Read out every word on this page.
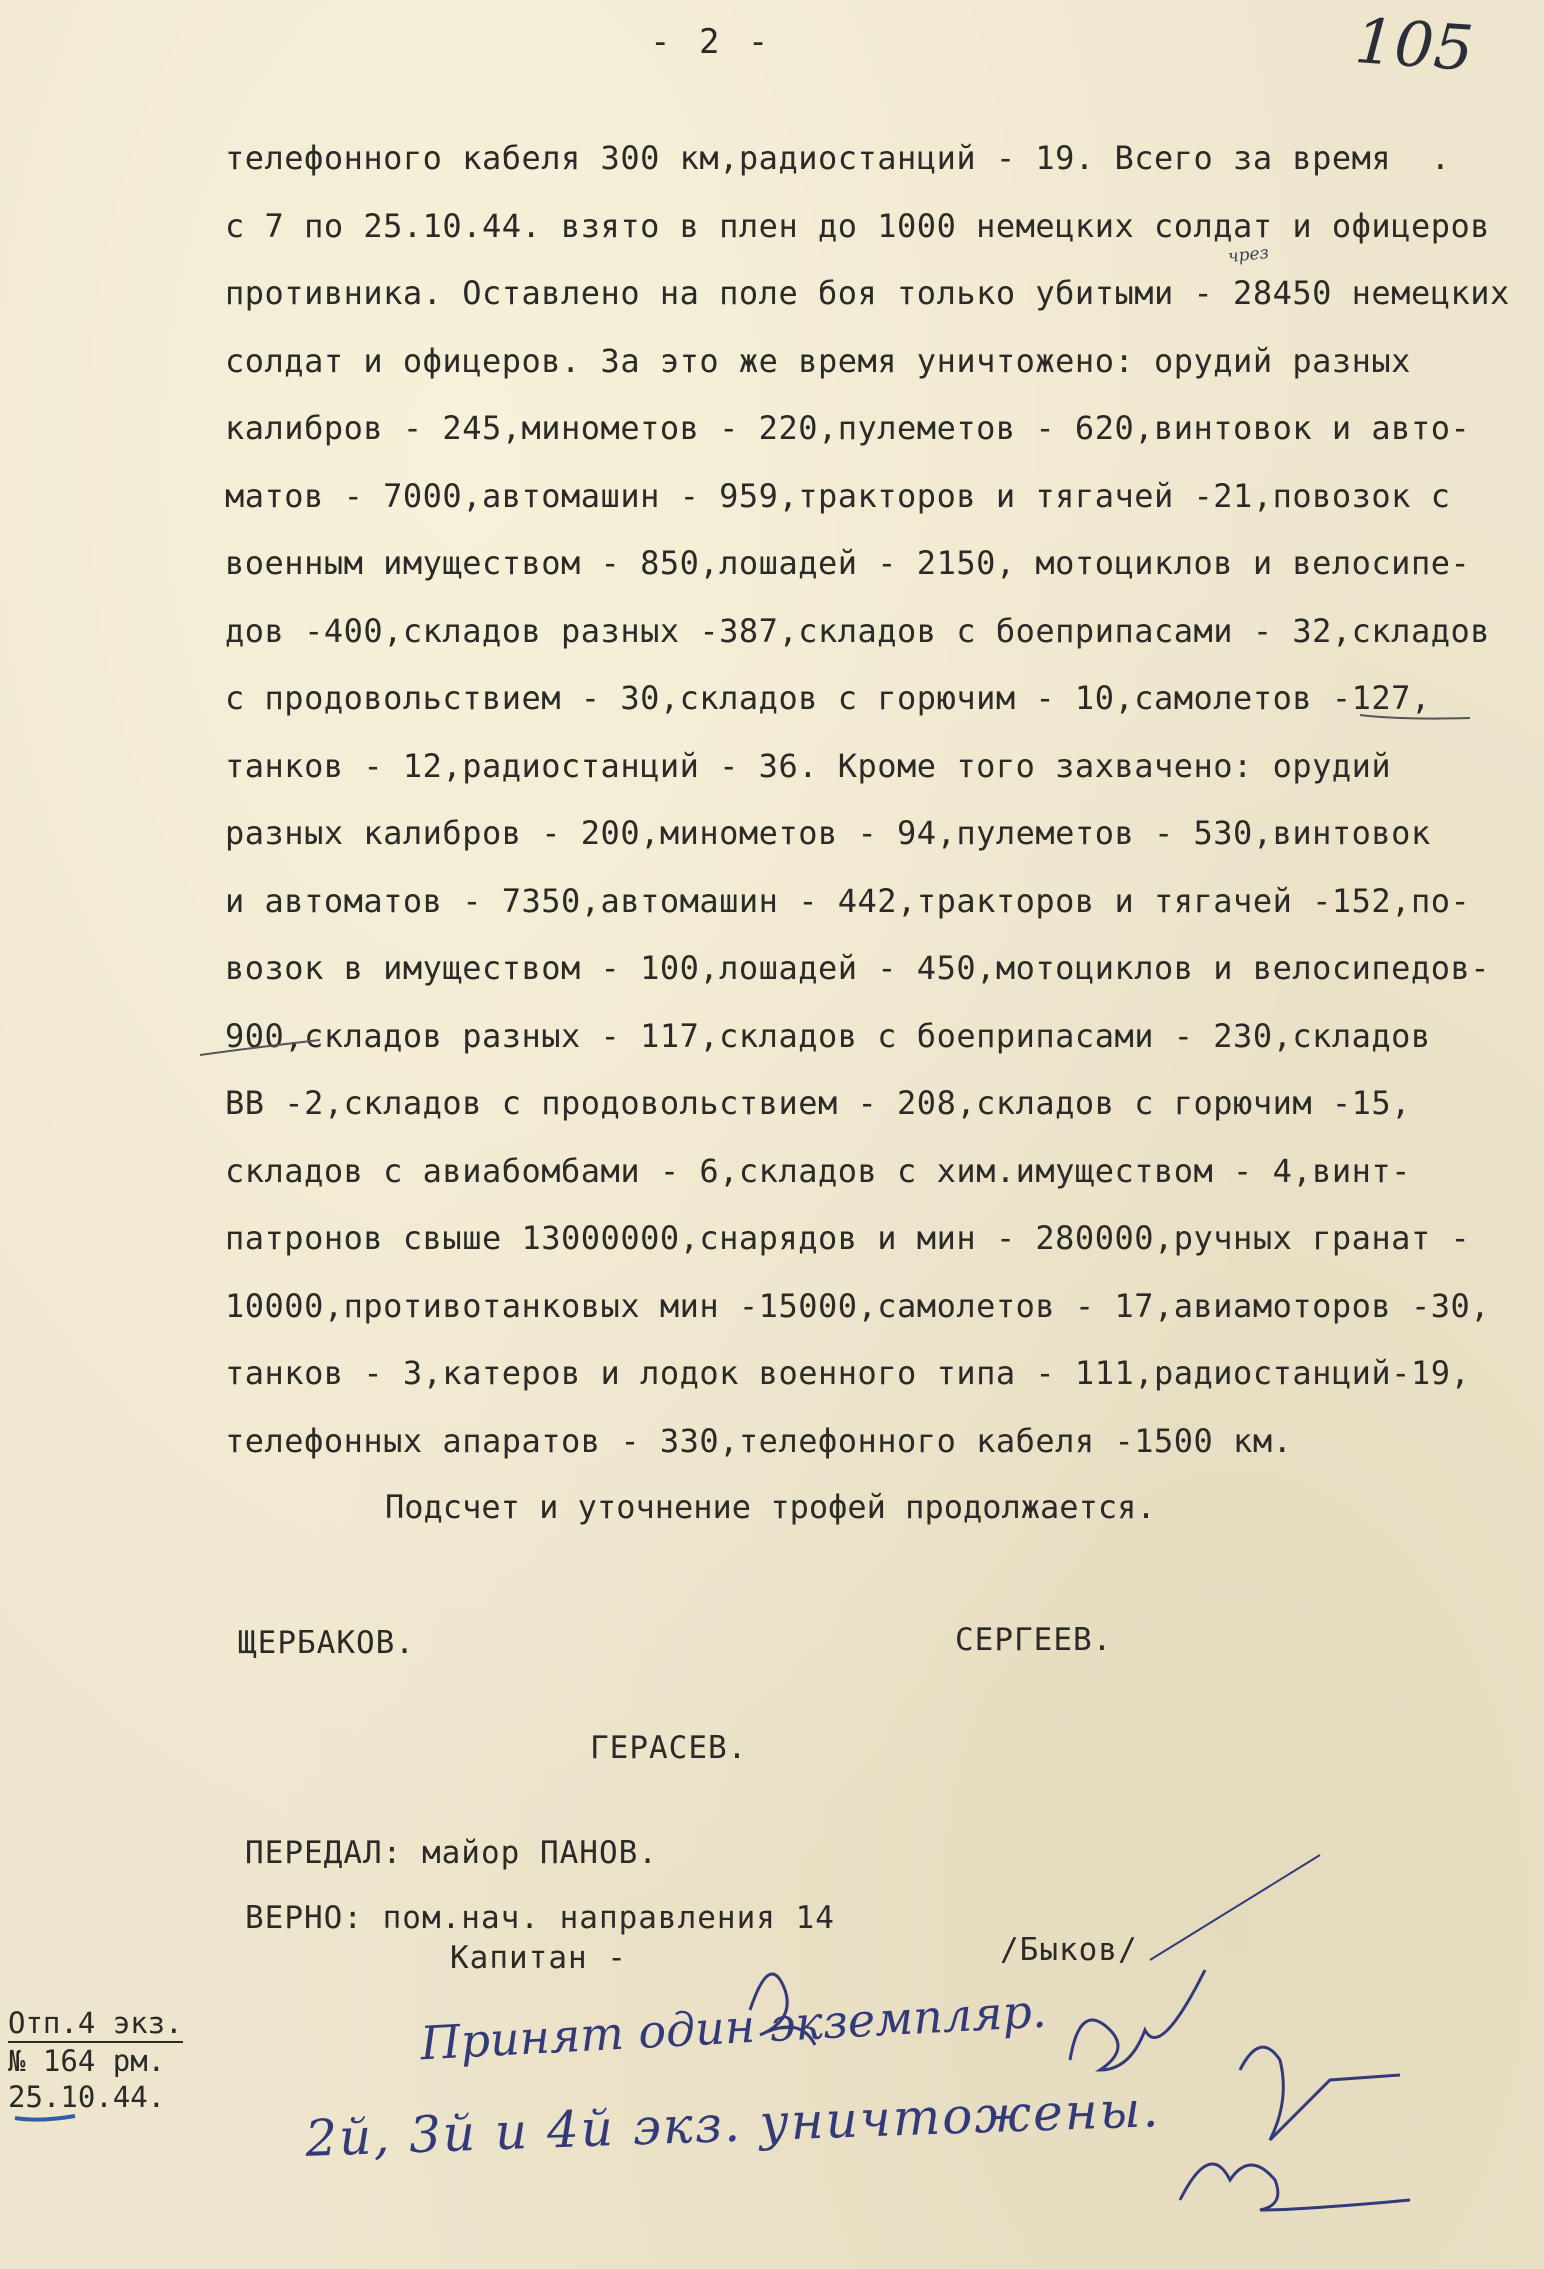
- 2 -	105
чрез
телефонного кабеля 300 км,радиостанций - 19. Всего за время  .
с 7 по 25.10.44. взято в плен до 1000 немецких солдат и офицеров
противника. Оставлено на поле боя только убитыми - 28450 немецких
солдат и офицеров. За это же время уничтожено: орудий разных
калибров - 245,минометов - 220,пулеметов - 620,винтовок и авто-
матов - 7000,автомашин - 959,тракторов и тягачей -21,повозок с
военным имуществом - 850,лошадей - 2150, мотоциклов и велосипе-
дов -400,складов разных -387,складов с боеприпасами - 32,складов
с продовольствием - 30,складов с горючим - 10,самолетов -127,
танков - 12,радиостанций - 36. Кроме того захвачено: орудий
разных калибров - 200,минометов - 94,пулеметов - 530,винтовок
и автоматов - 7350,автомашин - 442,тракторов и тягачей -152,по-
возок в имуществом - 100,лошадей - 450,мотоциклов и велосипедов-
900,складов разных - 117,складов с боеприпасами - 230,складов
ВВ -2,складов с продовольствием - 208,складов с горючим -15,
складов с авиабомбами - 6,складов с хим.имуществом - 4,винт-
патронов свыше 13000000,снарядов и мин - 280000,ручных гранат -
10000,противотанковых мин -15000,самолетов - 17,авиамоторов -30,
танков - 3,катеров и лодок военного типа - 111,радиостанций-19,
телефонных апаратов - 330,телефонного кабеля -1500 км.
Подсчет и уточнение трофей продолжается.
ЩЕРБАКОВ.	СЕРГЕЕВ.
ГЕРАСЕВ.
ПЕРЕДАЛ: майор ПАНОВ.
ВЕРНО: пом.нач. направления 14
Капитан -	/Быков/
Отп.4 экз.
№ 164 рм.
25.10.44.
Принят один экземпляр.
2й, 3й и 4й экз. уничтожены.
